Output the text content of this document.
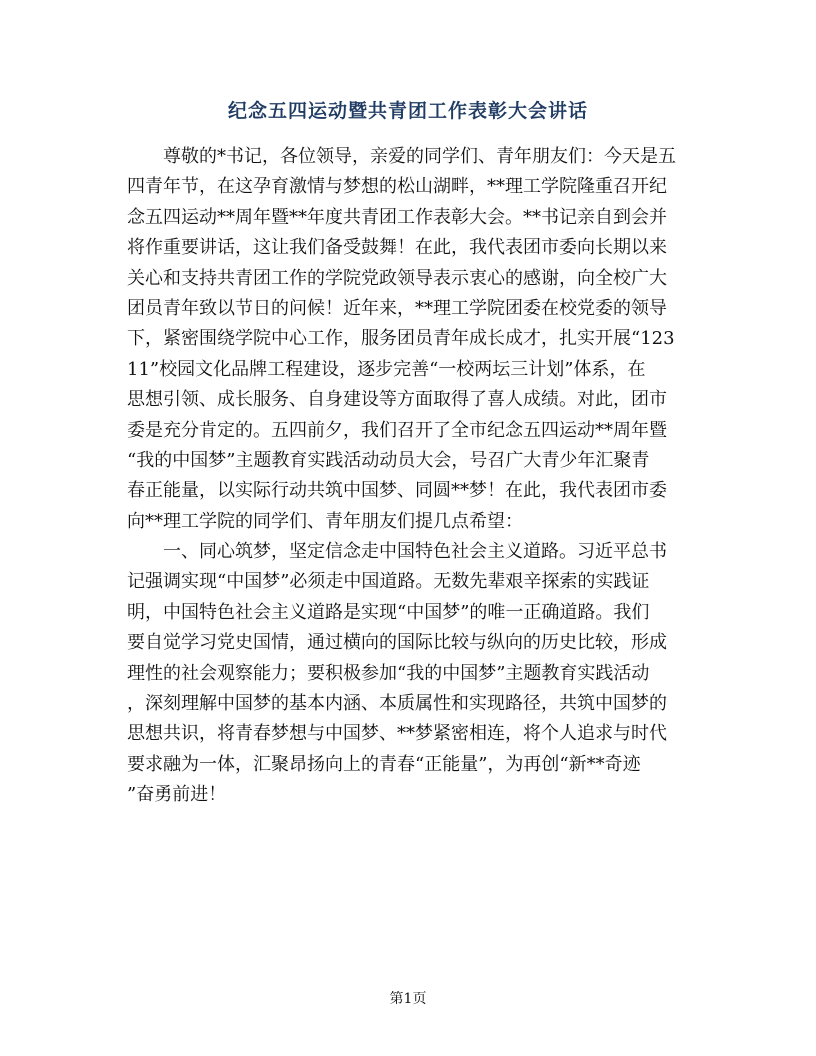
纪念五四运动暨共青团工作表彰大会讲话
尊敬的*书记，各位领导，亲爱的同学们、青年朋友们：今天是五
四青年节，在这孕育激情与梦想的松山湖畔，**理工学院隆重召开纪
念五四运动**周年暨**年度共青团工作表彰大会。**书记亲自到会并
将作重要讲话，这让我们备受鼓舞！在此，我代表团市委向长期以来
关心和支持共青团工作的学院党政领导表示衷心的感谢，向全校广大
团员青年致以节日的问候！近年来，**理工学院团委在校党委的领导
下，紧密围绕学院中心工作，服务团员青年成长成才，扎实开展“123
11”校园文化品牌工程建设，逐步完善“一校两坛三计划”体系，在
思想引领、成长服务、自身建设等方面取得了喜人成绩。对此，团市
委是充分肯定的。五四前夕，我们召开了全市纪念五四运动**周年暨
“我的中国梦”主题教育实践活动动员大会，号召广大青少年汇聚青
春正能量，以实际行动共筑中国梦、同圆**梦！在此，我代表团市委
向**理工学院的同学们、青年朋友们提几点希望：
一、同心筑梦，坚定信念走中国特色社会主义道路。习近平总书
记强调实现“中国梦”必须走中国道路。无数先辈艰辛探索的实践证
明，中国特色社会主义道路是实现“中国梦”的唯一正确道路。我们
要自觉学习党史国情，通过横向的国际比较与纵向的历史比较，形成
理性的社会观察能力；要积极参加“我的中国梦”主题教育实践活动
，深刻理解中国梦的基本内涵、本质属性和实现路径，共筑中国梦的
思想共识，将青春梦想与中国梦、**梦紧密相连，将个人追求与时代
要求融为一体，汇聚昂扬向上的青春“正能量”，为再创“新**奇迹
”奋勇前进！
第1页
